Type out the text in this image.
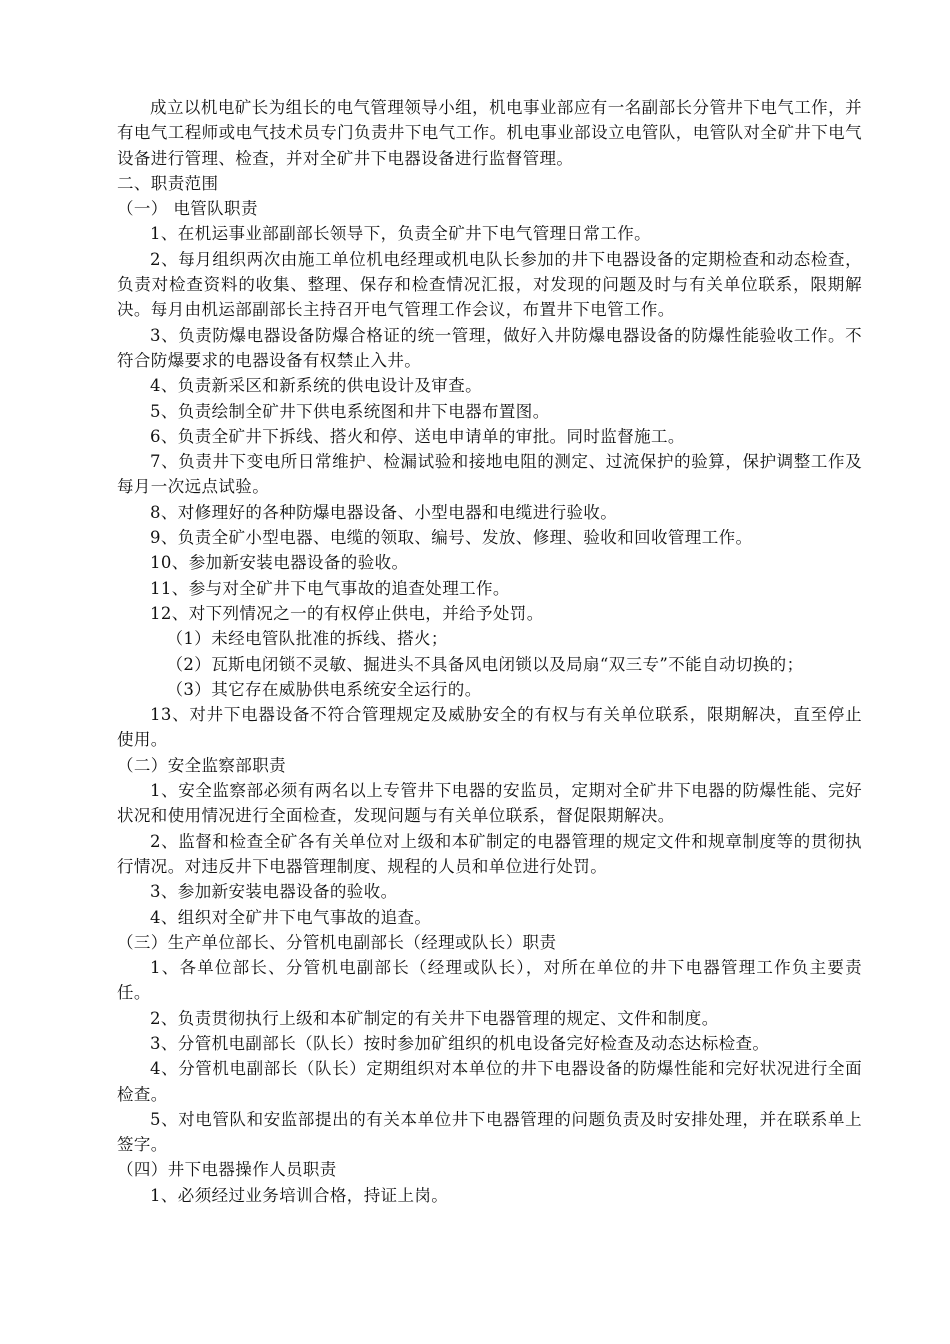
成立以机电矿长为组长的电气管理领导小组，机电事业部应有一名副部长分管井下电气工作，并有电气工程师或电气技术员专门负责井下电气工作。机电事业部设立电管队，电管队对全矿井下电气设备进行管理、检查，并对全矿井下电器设备进行监督管理。

二、职责范围

（一） 电管队职责

1、在机运事业部副部长领导下，负责全矿井下电气管理日常工作。

2、每月组织两次由施工单位机电经理或机电队长参加的井下电器设备的定期检查和动态检查，负责对检查资料的收集、整理、保存和检查情况汇报，对发现的问题及时与有关单位联系，限期解决。每月由机运部副部长主持召开电气管理工作会议，布置井下电管工作。

3、负责防爆电器设备防爆合格证的统一管理，做好入井防爆电器设备的防爆性能验收工作。不符合防爆要求的电器设备有权禁止入井。

4、负责新采区和新系统的供电设计及审查。

5、负责绘制全矿井下供电系统图和井下电器布置图。

6、负责全矿井下拆线、搭火和停、送电申请单的审批。同时监督施工。

7、负责井下变电所日常维护、检漏试验和接地电阻的测定、过流保护的验算，保护调整工作及每月一次远点试验。

8、对修理好的各种防爆电器设备、小型电器和电缆进行验收。

9、负责全矿小型电器、电缆的领取、编号、发放、修理、验收和回收管理工作。

10、参加新安装电器设备的验收。

11、参与对全矿井下电气事故的追查处理工作。

12、对下列情况之一的有权停止供电，并给予处罚。

（1）未经电管队批准的拆线、搭火；

（2）瓦斯电闭锁不灵敏、掘进头不具备风电闭锁以及局扇“双三专”不能自动切换的；

（3）其它存在威胁供电系统安全运行的。

13、对井下电器设备不符合管理规定及威胁安全的有权与有关单位联系，限期解决，直至停止使用。

（二）安全监察部职责

1、安全监察部必须有两名以上专管井下电器的安监员，定期对全矿井下电器的防爆性能、完好状况和使用情况进行全面检查，发现问题与有关单位联系，督促限期解决。

2、监督和检查全矿各有关单位对上级和本矿制定的电器管理的规定文件和规章制度等的贯彻执行情况。对违反井下电器管理制度、规程的人员和单位进行处罚。

3、参加新安装电器设备的验收。

4、组织对全矿井下电气事故的追查。

（三）生产单位部长、分管机电副部长（经理或队长）职责

1、各单位部长、分管机电副部长（经理或队长），对所在单位的井下电器管理工作负主要责任。

2、负责贯彻执行上级和本矿制定的有关井下电器管理的规定、文件和制度。

3、分管机电副部长（队长）按时参加矿组织的机电设备完好检查及动态达标检查。

4、分管机电副部长（队长）定期组织对本单位的井下电器设备的防爆性能和完好状况进行全面检查。

5、对电管队和安监部提出的有关本单位井下电器管理的问题负责及时安排处理，并在联系单上签字。

（四）井下电器操作人员职责

1、必须经过业务培训合格，持证上岗。
